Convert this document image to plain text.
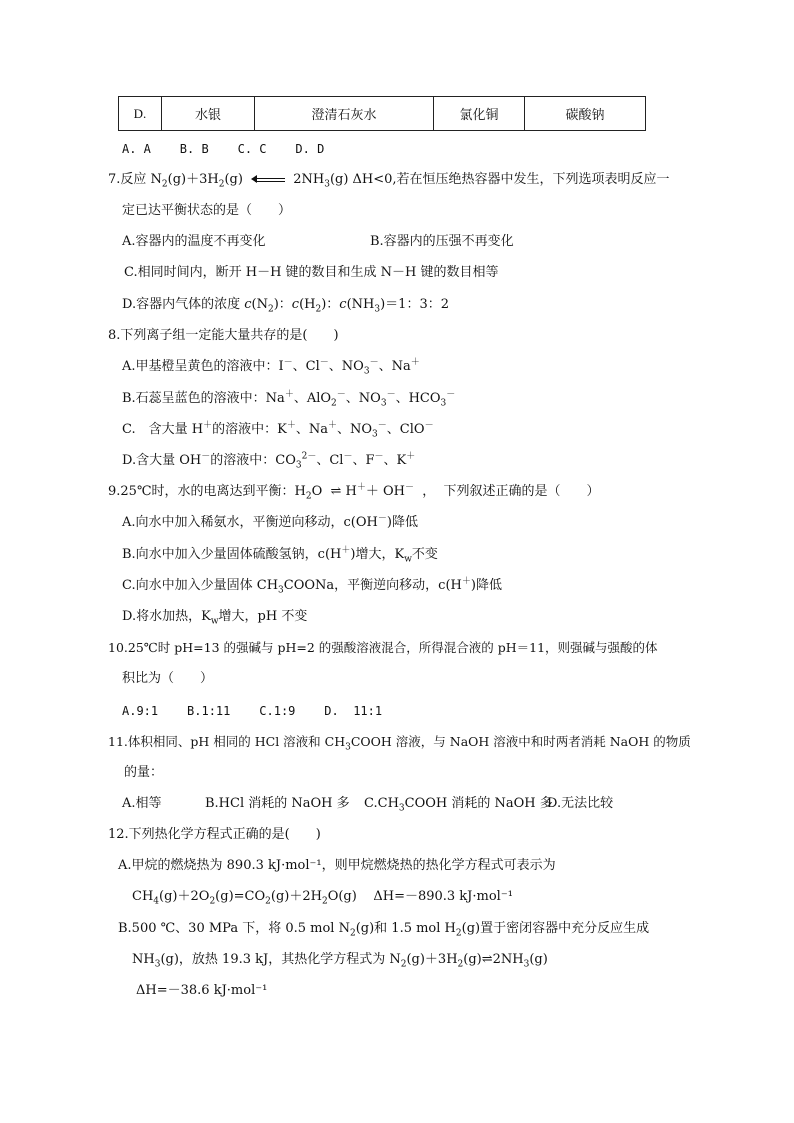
D.	水银	澄清石灰水	氯化铜	碳酸钠
A. A    B. B    C. C    D. D
7.反应 $N_2(g)+3H_2(g)$	$2NH_3(g)$ ΔH<0,若在恒压绝热容器中发生，下列选项表明反应一
定已达平衡状态的是（　　）
A.容器内的温度不再变化	B.容器内的压强不再变化
C.相同时间内，断开 H－H 键的数目和生成 N－H 键的数目相等
D.容器内气体的浓度 $c(N_2)$：$c(H_2)$：$c(NH_3)=1$：3：2
8.下列离子组一定能大量共存的是(　　)
A.甲基橙呈黄色的溶液中：I－、Cl－、$NO_3^-$、Na＋
B.石蕊呈蓝色的溶液中：Na＋、AlO$_2$－、$NO_3^-$、$HCO_3^-$
C.　含大量 H＋的溶液中：K＋、Na＋、$NO_3^-$、ClO－
D.含大量 OH－的溶液中：$CO_3^{2-}$、Cl－、F－、K＋
9.25℃时，水的电离达到平衡：$H_2O$  ⇌ H＋＋ OH－  ，  下列叙述正确的是（　　）
A.向水中加入稀氨水，平衡逆向移动，c(OH－)降低
B.向水中加入少量固体硫酸氢钠，c(H＋)增大，$K_w$不变
C.向水中加入少量固体 $CH_3COONa$，平衡逆向移动，c(H＋)降低
D.将水加热，$K_w$增大，pH 不变
10.25℃时 pH=13 的强碱与 pH=2 的强酸溶液混合，所得混合液的 pH＝11，则强碱与强酸的体
积比为（　　）
A.9:1    B.1:11    C.1:9    D.  11:1
11.体积相同、pH 相同的 HCl 溶液和 $CH_3COOH$ 溶液，与 NaOH 溶液中和时两者消耗 NaOH 的物质
的量：
A.相等	B.HCl 消耗的 NaOH 多 $C.CH_3COOH$ 消耗的 NaOH 多
D.无法比较
12.下列热化学方程式正确的是(　　)
A.甲烷的燃烧热为 890.3 kJ·mol⁻¹，则甲烷燃烧热的热化学方程式可表示为
$CH_4(g)+2O_2(g)=CO_2(g)+2H_2O(g)$    ΔH=－890.3 kJ·mol⁻¹
B.500 ℃、30 MPa 下，将 0.5 mol $N_2(g)$和 1.5 mol $H_2(g)$置于密闭容器中充分反应生成
$NH_3(g)$，放热 19.3 kJ，其热化学方程式为 $N_2(g)+3H_2(g)\rightleftharpoons 2NH_3(g)$
ΔH=－38.6 kJ·mol⁻¹
